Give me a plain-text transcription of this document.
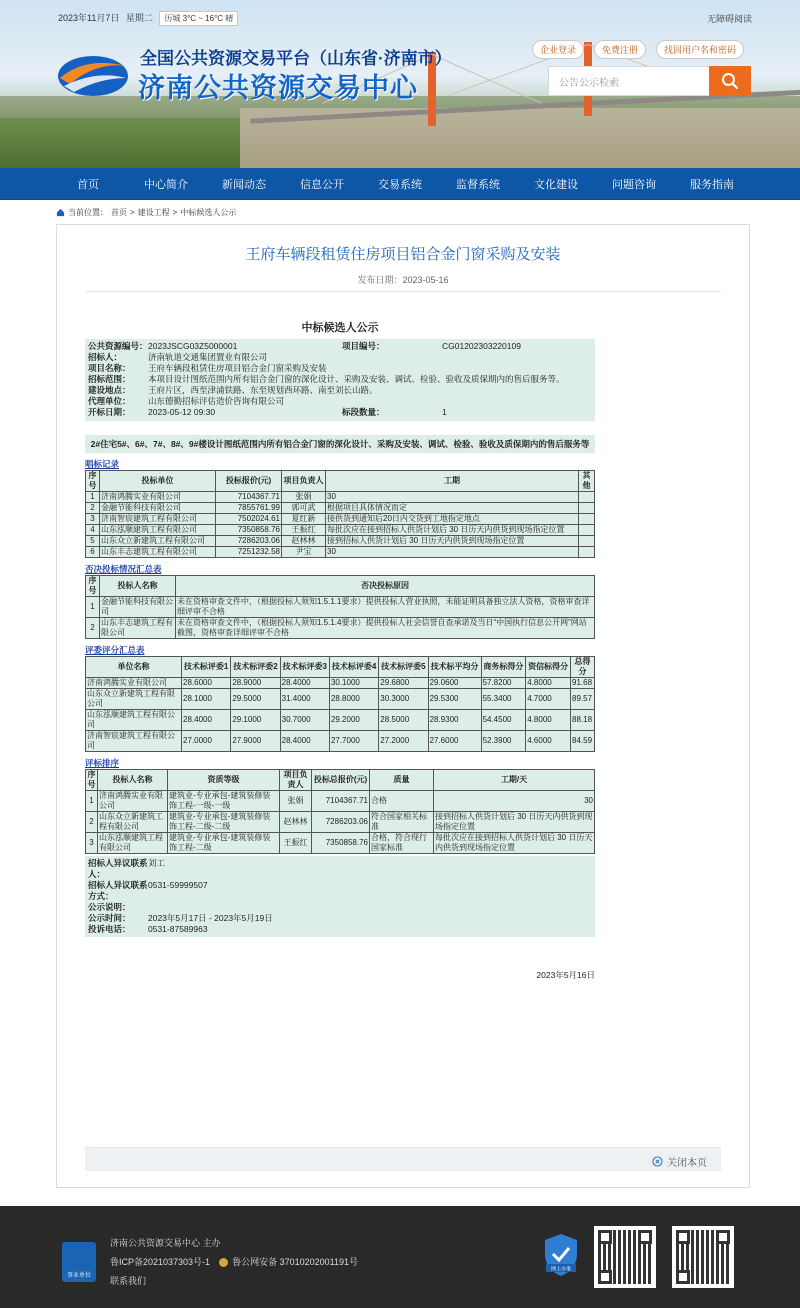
2023年11月7日 星期二 历城 3°C ~ 16°C 晴	无障碍阅读
全国公共资源交易平台（山东省·济南市）
济南公共资源交易中心
企业登录	免费注册	找回用户名和密码
公告公示检索
首页	中心简介	新闻动态	信息公开	交易系统	监督系统	文化建设	问题咨询	服务指南
当前位置： 首页 > 建设工程 > 中标候选人公示
王府车辆段租赁住房项目铝合金门窗采购及安装
发布日期：2023-05-16
中标候选人公示
公共资源编号： 2023JSCG03Z5000001	项目编号：	CG01202303220109
招标人：	济南轨道交通集团置业有限公司
项目名称：	王府车辆段租赁住房项目铝合金门窗采购及安装
招标范围：	本项目设计图纸范围内所有铝合金门窗的深化设计、采购及安装、调试、检验、验收及质保期内的售后服务等。
建设地点：	王府片区，西至津浦铁路、东至规划西环路、南至刘长山路。
代理单位：	山东德勤招标评估造价咨询有限公司
开标日期：	2023-05-12 09:30	标段数量：	1
2#住宅5#、6#、7#、8#、9#楼设计图纸范围内所有铝合金门窗的深化设计、采购及安装、调试、检验、验收及质保期内的售后服务等
唱标记录
序号	投标单位	投标报价(元)	项目负责人	工期	其他
1	济南鸿腾实业有限公司	7104367.71	张娟	30	
2	金融节能科技有限公司	7855761.99	郭可武	根据项目具体情况而定	
3	济南智宸建筑工程有限公司	7502024.61	夏红新	接供货到通知后20日内交货到工地指定地点	
4	山东泓顺建筑工程有限公司	7350858.76	王振红	每批次应在接到招标人供货计划后 30 日历天内供货到现场指定位置	
5	山东众立新建筑工程有限公司	7286203.06	赵林林	接到招标人供货计划后 30 日历天内供货到现场指定位置	
6	山东丰志建筑工程有限公司	7251232.58	尹宝	30	
否决投标情况汇总表
序号	投标人名称	否决投标原因
1	金融节能科技有限公司	未在资格审查文件中，（根据投标人须知1.5.1.1要求）提供投标人营业执照，未能证明具备独立法人资格，资格审查详细评审不合格
2	山东丰志建筑工程有限公司	未在资格审查文件中，（根据投标人须知1.5.1.4要求）提供投标人社会信誉自查承诺及当日“中国执行信息公开网”网站截图，资格审查详细评审不合格
评委评分汇总表
单位名称	技术标评委1	技术标评委2	技术标评委3	技术标评委4	技术标评委5	技术标平均分	商务标得分	资信标得分	总得分
济南鸿腾实业有限公司	28.6000	28.9000	28.4000	30.1000	29.6800	29.0600	57.8200	4.8000	91.68
山东众立新建筑工程有限公司	28.1000	29.5000	31.4000	28.8000	30.3000	29.5300	55.3400	4.7000	89.57
山东泓顺建筑工程有限公司	28.4000	29.1000	30.7000	29.2000	28.5000	28.9300	54.4500	4.8000	88.18
济南智宸建筑工程有限公司	27.0000	27.9000	28.4000	27.7000	27.2000	27.6000	52.3900	4.6000	84.59
评标排序
序号	投标人名称	资质等级	项目负责人	投标总报价(元)	质量	工期/天
1	济南鸿腾实业有限公司	建筑业-专业承包-建筑装修装饰工程-一级-一级	张娟	7104367.71	合格	30
2	山东众立新建筑工程有限公司	建筑业-专业承包-建筑装修装饰工程-二级-二级	赵林林	7286203.06	符合国家相关标准	接到招标人供货计划后 30 日历天内供货到现场指定位置
3	山东泓顺建筑工程有限公司	建筑业-专业承包-建筑装修装饰工程-二级	王振红	7350858.76	合格，符合现行国家标准	每批次应在接到招标人供货计划后 30 日历天内供货到现场指定位置
招标人异议联系人：
刘工
招标人异议联系方式：
0531-59999507
公示说明：
公示时间：	2023年5月17日 - 2023年5月19日
投诉电话：	0531-87589963
2023年5月16日
关闭本页
事业单位
济南公共资源交易中心 主办
鲁ICP备2021037303号-1 鲁公网安备 37010202001191号
联系我们
网上办事
